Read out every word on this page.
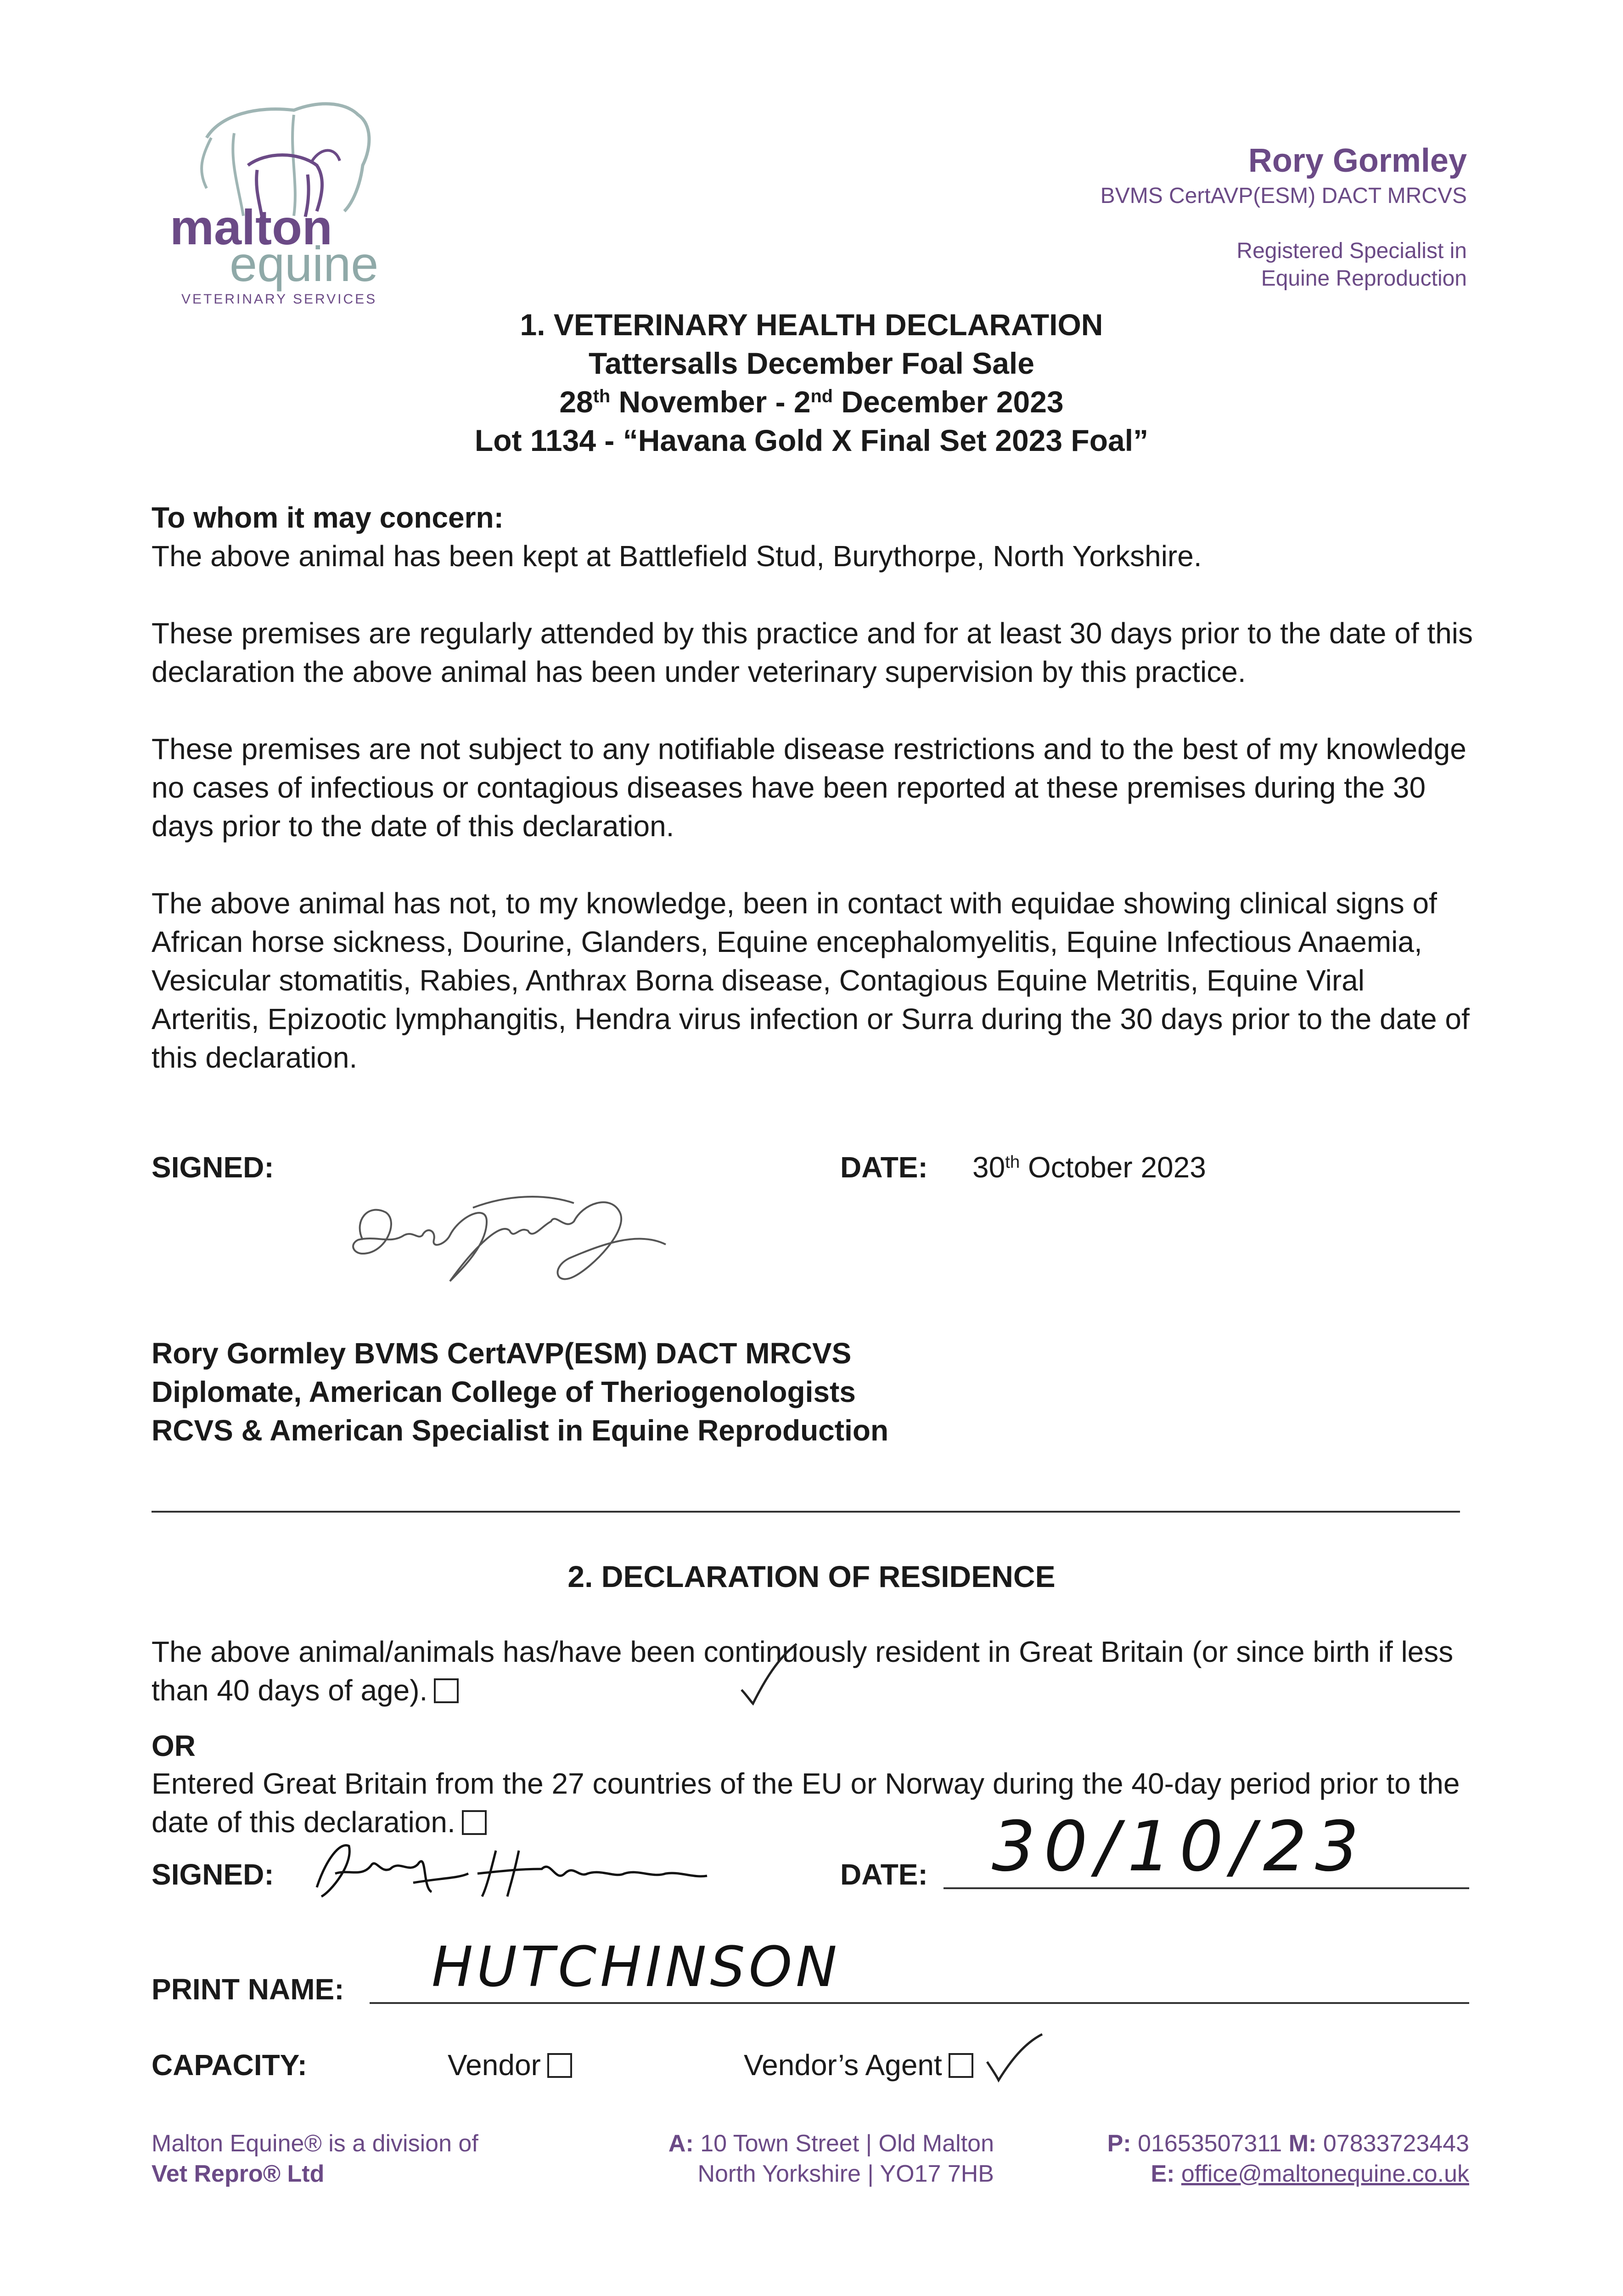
malton
equine
VETERINARY SERVICES
Rory Gormley
BVMS CertAVP(ESM) DACT MRCVS
Registered Specialist in
Equine Reproduction
1. VETERINARY HEALTH DECLARATION
Tattersalls December Foal Sale
28th November - 2nd December 2023
Lot 1134 - “Havana Gold X Final Set 2023 Foal”
To whom it may concern:
The above animal has been kept at Battlefield Stud, Burythorpe, North Yorkshire.
These premises are regularly attended by this practice and for at least 30 days prior to the date of this declaration the above animal has been under veterinary supervision by this practice.
These premises are not subject to any notifiable disease restrictions and to the best of my knowledge no cases of infectious or contagious diseases have been reported at these premises during the 30 days prior to the date of this declaration.
The above animal has not, to my knowledge, been in contact with equidae showing clinical signs of African horse sickness, Dourine, Glanders, Equine encephalomyelitis, Equine Infectious Anaemia, Vesicular stomatitis, Rabies, Anthrax Borna disease, Contagious Equine Metritis, Equine Viral Arteritis, Epizootic lymphangitis, Hendra virus infection or Surra during the 30 days prior to the date of this declaration.
SIGNED:	DATE: 30th October 2023
Rory Gormley BVMS CertAVP(ESM) DACT MRCVS
Diplomate, American College of Theriogenologists
RCVS & American Specialist in Equine Reproduction
2. DECLARATION OF RESIDENCE
The above animal/animals has/have been continuously resident in Great Britain (or since birth if less than 40 days of age).
OR
Entered Great Britain from the 27 countries of the EU or Norway during the 40-day period prior to the date of this declaration.
SIGNED:	DATE: 30/10/23
PRINT NAME: HUTCHINSON
CAPACITY:	Vendor	Vendor’s Agent
Malton Equine® is a division of
Vet Repro® Ltd
A: 10 Town Street | Old Malton
North Yorkshire | YO17 7HB
P: 01653507311 M: 07833723443
E: office@maltonequine.co.uk
